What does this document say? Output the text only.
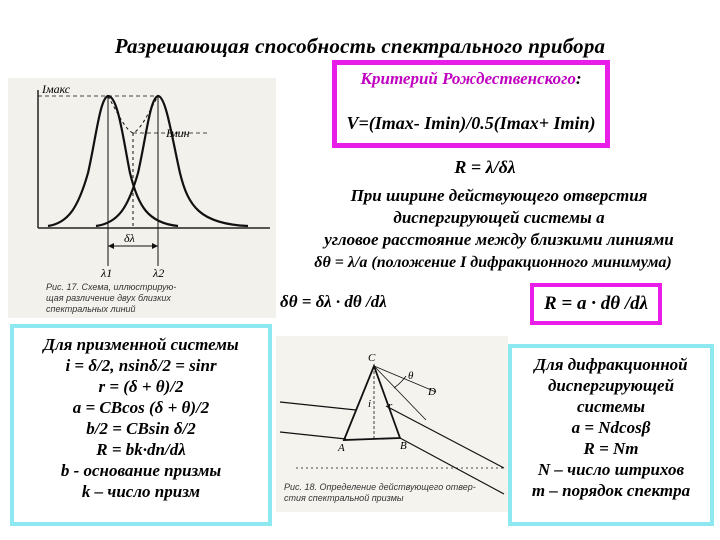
Разрешающая способность спектрального прибора
Iмакс
Iмин
δλ
λ1	λ2
Рис. 17. Схема, иллюстрирую-
щая различение двух близких
спектральных линий
Критерий Рождественского:
V=(Imax- Imin)/0.5(Imax+ Imin)
R = λ/δλ
При ширине действующего отверстия
диспергирующей системы а
угловое расстояние между близкими линиями
δθ = λ/а (положение I дифракционного минимума)
δθ = δλ · dθ /dλ	R = a · dθ /dλ
C
A	B
i r
D
θ
Рис. 18. Определение действующего отвер-
стия спектральной призмы
Для призменной системы
i = δ/2, nsinδ/2 = sinr
r = (δ + θ)/2
a = CBcos (δ + θ)/2
b/2 = CBsin δ/2
R = bk·dn/dλ
b - основание призмы
k – число призм
Для дифракционной
диспергирующей
системы
a = Ndcosβ
R = Nm
N – число штрихов
m – порядок спектра
